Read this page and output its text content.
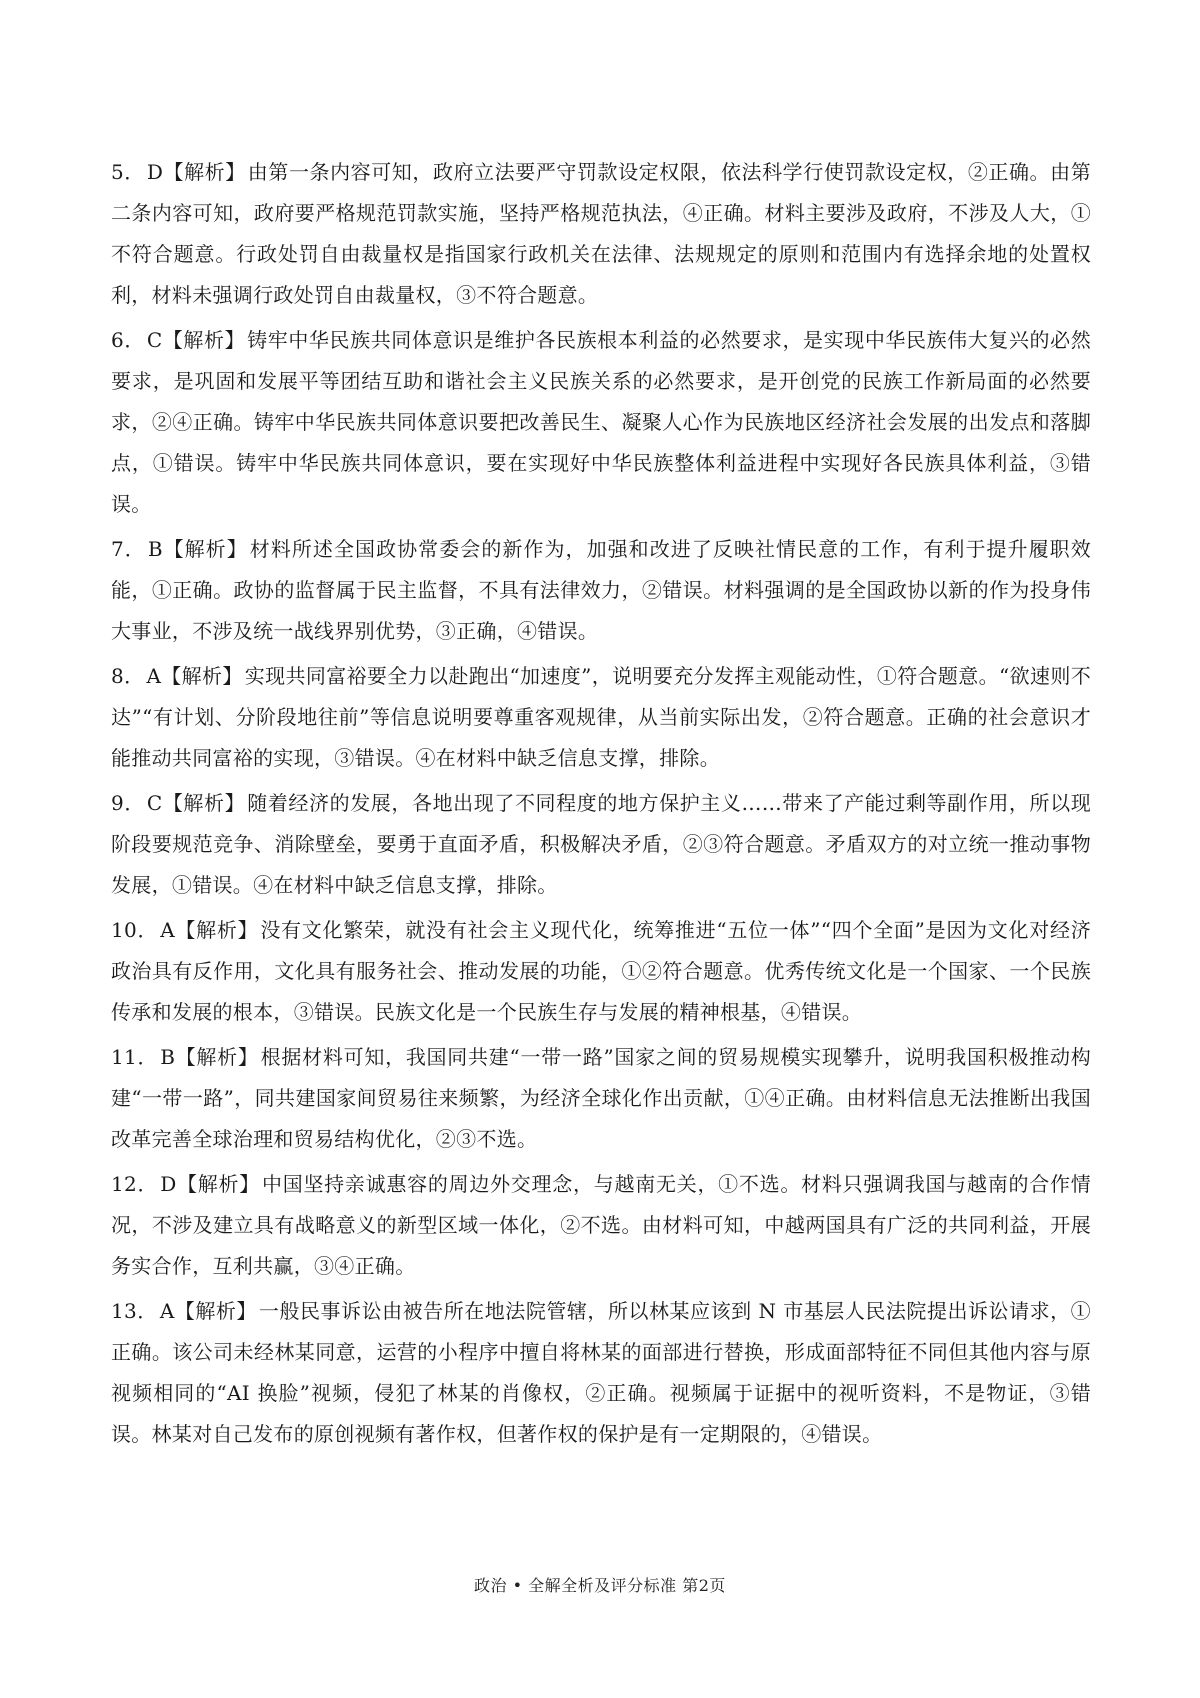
5． D【解析】 由第一条内容可知，政府立法要严守罚款设定权限，依法科学行使罚款设定权，②正确。由第二条内容可知，政府要严格规范罚款实施，坚持严格规范执法，④正确。材料主要涉及政府，不涉及人大，①不符合题意。行政处罚自由裁量权是指国家行政机关在法律、法规规定的原则和范围内有选择余地的处置权利，材料未强调行政处罚自由裁量权，③不符合题意。

6． C【解析】 铸牢中华民族共同体意识是维护各民族根本利益的必然要求，是实现中华民族伟大复兴的必然要求，是巩固和发展平等团结互助和谐社会主义民族关系的必然要求，是开创党的民族工作新局面的必然要求，②④正确。铸牢中华民族共同体意识要把改善民生、凝聚人心作为民族地区经济社会发展的出发点和落脚点，①错误。铸牢中华民族共同体意识，要在实现好中华民族整体利益进程中实现好各民族具体利益，③错误。

7． B【解析】 材料所述全国政协常委会的新作为，加强和改进了反映社情民意的工作，有利于提升履职效能，①正确。政协的监督属于民主监督，不具有法律效力，②错误。材料强调的是全国政协以新的作为投身伟大事业，不涉及统一战线界别优势，③正确，④错误。

8． A【解析】 实现共同富裕要全力以赴跑出“加速度”，说明要充分发挥主观能动性，①符合题意。“欲速则不达”“有计划、分阶段地往前”等信息说明要尊重客观规律，从当前实际出发，②符合题意。正确的社会意识才能推动共同富裕的实现，③错误。④在材料中缺乏信息支撑，排除。

9． C【解析】 随着经济的发展，各地出现了不同程度的地方保护主义……带来了产能过剩等副作用，所以现阶段要规范竞争、消除壁垒，要勇于直面矛盾，积极解决矛盾，②③符合题意。矛盾双方的对立统一推动事物发展，①错误。④在材料中缺乏信息支撑，排除。

10． A【解析】 没有文化繁荣，就没有社会主义现代化，统筹推进“五位一体”“四个全面”是因为文化对经济政治具有反作用，文化具有服务社会、推动发展的功能，①②符合题意。优秀传统文化是一个国家、一个民族传承和发展的根本，③错误。民族文化是一个民族生存与发展的精神根基，④错误。

11． B【解析】 根据材料可知，我国同共建“一带一路”国家之间的贸易规模实现攀升，说明我国积极推动构建“一带一路”，同共建国家间贸易往来频繁，为经济全球化作出贡献，①④正确。由材料信息无法推断出我国改革完善全球治理和贸易结构优化，②③不选。

12． D【解析】 中国坚持亲诚惠容的周边外交理念，与越南无关，①不选。材料只强调我国与越南的合作情况，不涉及建立具有战略意义的新型区域一体化，②不选。由材料可知，中越两国具有广泛的共同利益，开展务实合作，互利共赢，③④正确。

13． A【解析】 一般民事诉讼由被告所在地法院管辖，所以林某应该到 N 市基层人民法院提出诉讼请求，①正确。该公司未经林某同意，运营的小程序中擅自将林某的面部进行替换，形成面部特征不同但其他内容与原视频相同的“AI 换脸”视频，侵犯了林某的肖像权，②正确。视频属于证据中的视听资料，不是物证，③错误。林某对自己发布的原创视频有著作权，但著作权的保护是有一定期限的，④错误。

政治 • 全解全析及评分标准 第2页
